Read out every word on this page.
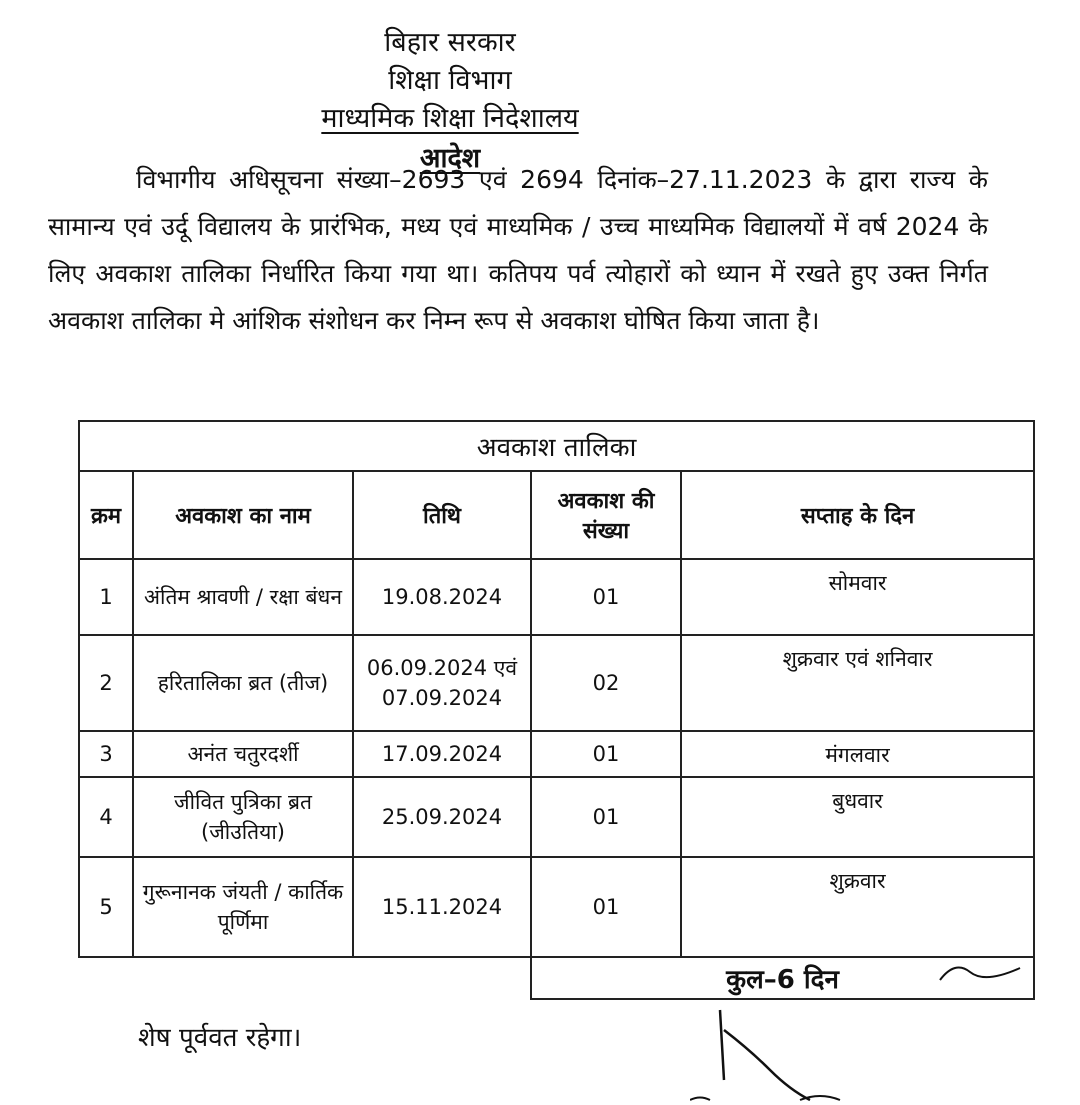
बिहार सरकार
शिक्षा विभाग
माध्यमिक शिक्षा निदेशालय
आदेश
विभागीय अधिसूचना संख्या–2693 एवं 2694 दिनांक–27.11.2023 के द्वारा राज्य के सामान्य एवं उर्दू विद्यालय के प्रारंभिक, मध्य एवं माध्यमिक / उच्च माध्यमिक विद्यालयों में वर्ष 2024 के लिए अवकाश तालिका निर्धारित किया गया था। कतिपय पर्व त्योहारों को ध्यान में रखते हुए उक्त निर्गत अवकाश तालिका मे आंशिक संशोधन कर निम्न रूप से अवकाश घोषित किया जाता है।
अवकाश तालिका				
क्रम	अवकाश का नाम	तिथि	अवकाश की संख्या	सप्ताह के दिन
1	अंतिम श्रावणी / रक्षा बंधन	19.08.2024	01	सोमवार
2	हरितालिका ब्रत (तीज)	06.09.2024 एवं 07.09.2024	02	शुक्रवार एवं शनिवार
3	अनंत चतुरदर्शी	17.09.2024	01	मंगलवार
4	जीवित पुत्रिका ब्रत (जीउतिया)	25.09.2024	01	बुधवार
5	गुरूनानक जंयती / कार्तिक पूर्णिमा	15.11.2024	01	शुक्रवार
			कुल–6 दिन	
शेष पूर्ववत रहेगा।
